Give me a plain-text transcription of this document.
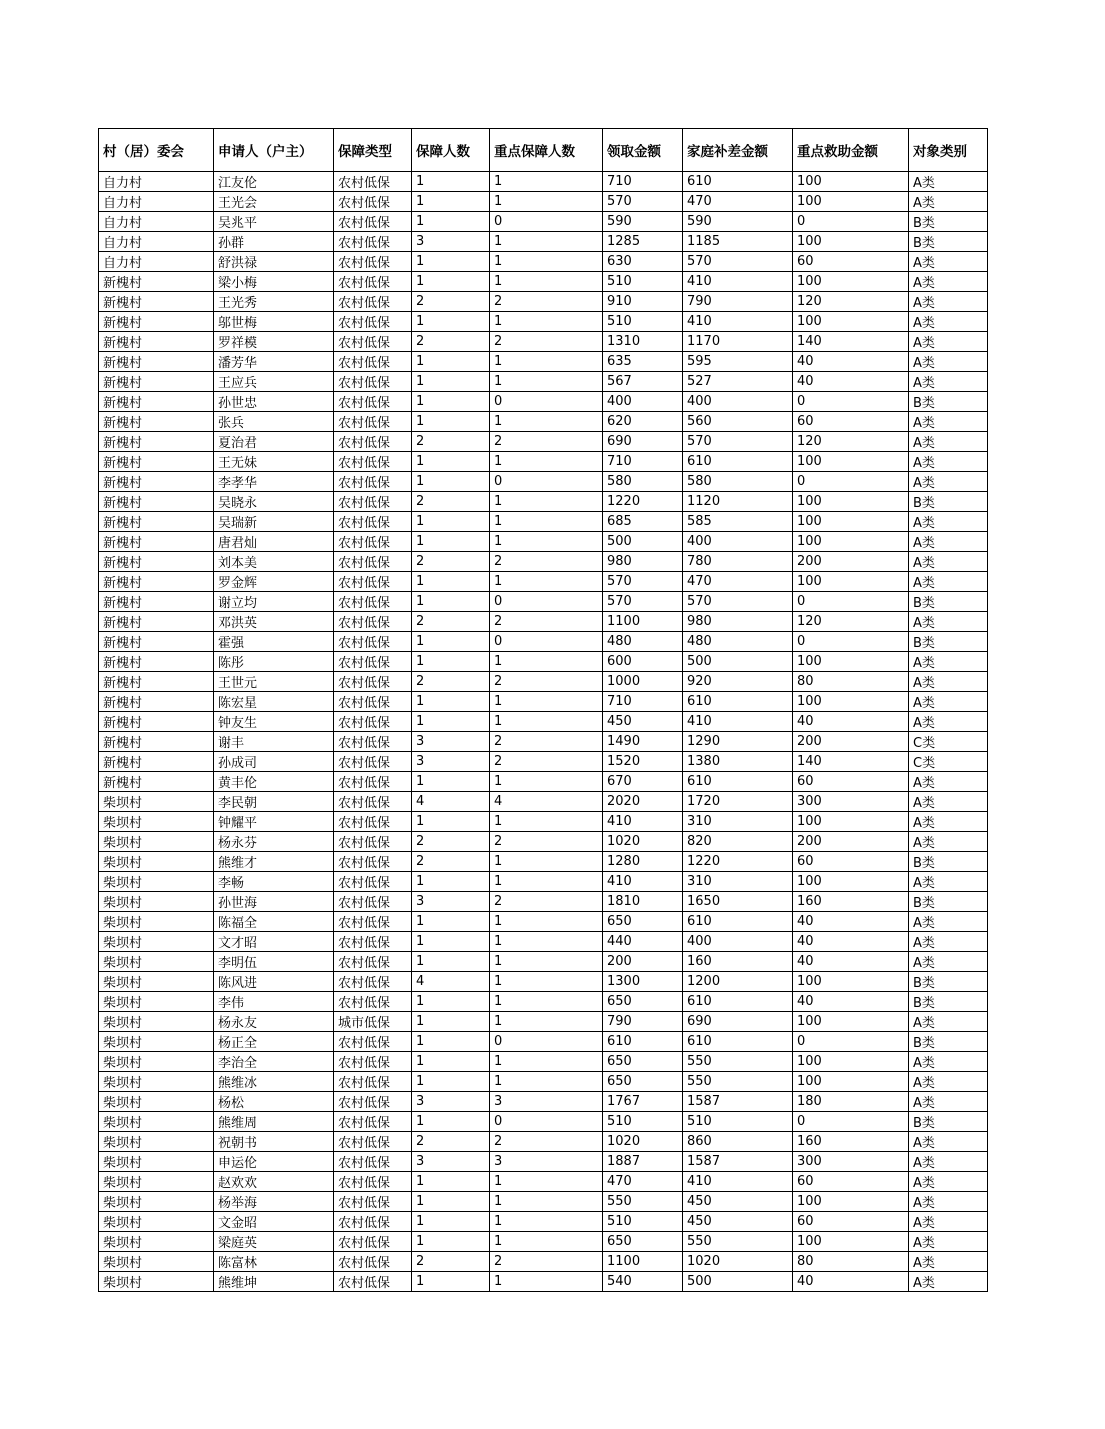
村（居）委会	申请人（户主）	保障类型	保障人数	重点保障人数	领取金额	家庭补差金额	重点救助金额	对象类别
自力村	江友伦	农村低保	1	1	710	610	100	A类
自力村	王光会	农村低保	1	1	570	470	100	A类
自力村	吴兆平	农村低保	1	0	590	590	0	B类
自力村	孙群	农村低保	3	1	1285	1185	100	B类
自力村	舒洪禄	农村低保	1	1	630	570	60	A类
新槐村	梁小梅	农村低保	1	1	510	410	100	A类
新槐村	王光秀	农村低保	2	2	910	790	120	A类
新槐村	邬世梅	农村低保	1	1	510	410	100	A类
新槐村	罗祥模	农村低保	2	2	1310	1170	140	A类
新槐村	潘芳华	农村低保	1	1	635	595	40	A类
新槐村	王应兵	农村低保	1	1	567	527	40	A类
新槐村	孙世忠	农村低保	1	0	400	400	0	B类
新槐村	张兵	农村低保	1	1	620	560	60	A类
新槐村	夏治君	农村低保	2	2	690	570	120	A类
新槐村	王无妹	农村低保	1	1	710	610	100	A类
新槐村	李孝华	农村低保	1	0	580	580	0	A类
新槐村	吴晓永	农村低保	2	1	1220	1120	100	B类
新槐村	吴瑞新	农村低保	1	1	685	585	100	A类
新槐村	唐君灿	农村低保	1	1	500	400	100	A类
新槐村	刘本美	农村低保	2	2	980	780	200	A类
新槐村	罗金辉	农村低保	1	1	570	470	100	A类
新槐村	谢立均	农村低保	1	0	570	570	0	B类
新槐村	邓洪英	农村低保	2	2	1100	980	120	A类
新槐村	霍强	农村低保	1	0	480	480	0	B类
新槐村	陈彤	农村低保	1	1	600	500	100	A类
新槐村	王世元	农村低保	2	2	1000	920	80	A类
新槐村	陈宏星	农村低保	1	1	710	610	100	A类
新槐村	钟友生	农村低保	1	1	450	410	40	A类
新槐村	谢丰	农村低保	3	2	1490	1290	200	C类
新槐村	孙成司	农村低保	3	2	1520	1380	140	C类
新槐村	黄丰伦	农村低保	1	1	670	610	60	A类
柴坝村	李民朝	农村低保	4	4	2020	1720	300	A类
柴坝村	钟耀平	农村低保	1	1	410	310	100	A类
柴坝村	杨永芬	农村低保	2	2	1020	820	200	A类
柴坝村	熊维才	农村低保	2	1	1280	1220	60	B类
柴坝村	李畅	农村低保	1	1	410	310	100	A类
柴坝村	孙世海	农村低保	3	2	1810	1650	160	B类
柴坝村	陈福全	农村低保	1	1	650	610	40	A类
柴坝村	文才昭	农村低保	1	1	440	400	40	A类
柴坝村	李明伍	农村低保	1	1	200	160	40	A类
柴坝村	陈风进	农村低保	4	1	1300	1200	100	B类
柴坝村	李伟	农村低保	1	1	650	610	40	B类
柴坝村	杨永友	城市低保	1	1	790	690	100	A类
柴坝村	杨正全	农村低保	1	0	610	610	0	B类
柴坝村	李治全	农村低保	1	1	650	550	100	A类
柴坝村	熊维冰	农村低保	1	1	650	550	100	A类
柴坝村	杨松	农村低保	3	3	1767	1587	180	A类
柴坝村	熊维周	农村低保	1	0	510	510	0	B类
柴坝村	祝朝书	农村低保	2	2	1020	860	160	A类
柴坝村	申运伦	农村低保	3	3	1887	1587	300	A类
柴坝村	赵欢欢	农村低保	1	1	470	410	60	A类
柴坝村	杨举海	农村低保	1	1	550	450	100	A类
柴坝村	文金昭	农村低保	1	1	510	450	60	A类
柴坝村	梁庭英	农村低保	1	1	650	550	100	A类
柴坝村	陈富林	农村低保	2	2	1100	1020	80	A类
柴坝村	熊维坤	农村低保	1	1	540	500	40	A类
